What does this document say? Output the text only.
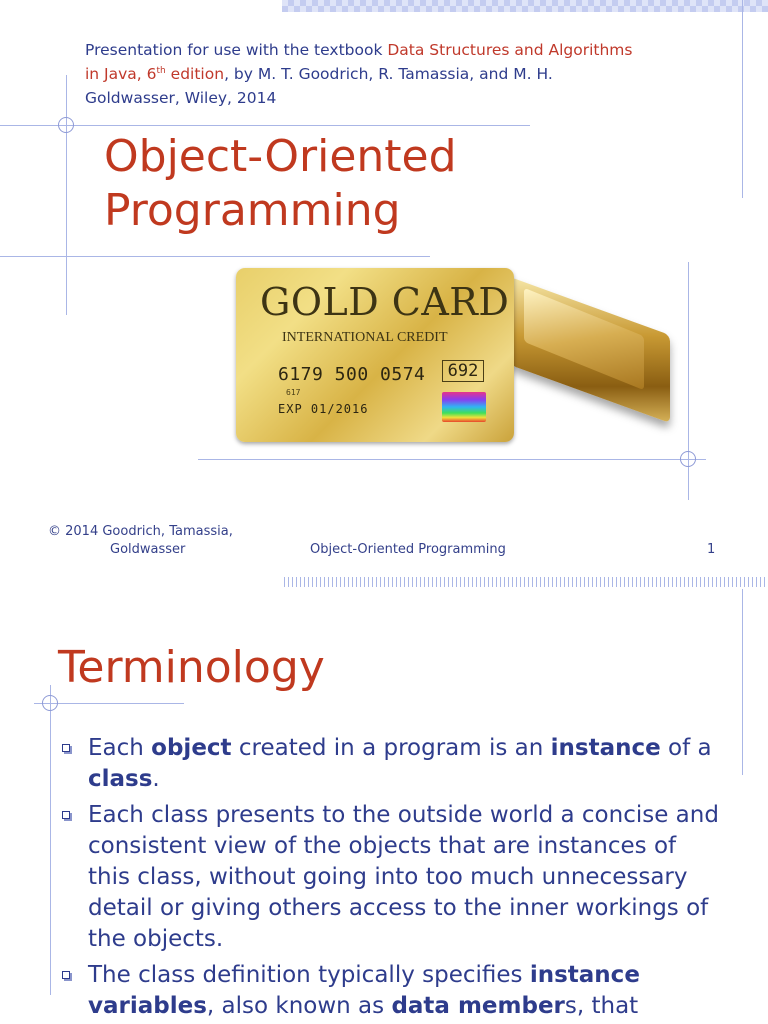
Presentation for use with the textbook Data Structures and Algorithms in Java, 6th edition, by M. T. Goodrich, R. Tamassia, and M. H. Goldwasser, Wiley, 2014
Object-Oriented
Programming
GOLD CARD
INTERNATIONAL CREDIT
6179 500 0574	692
617
EXP 01/2016
© 2014 Goodrich, Tamassia,
Goldwasser	Object-Oriented Programming	1
Terminology
Each object created in a program is an instance of a class.
Each class presents to the outside world a concise and consistent view of the objects that are instances of this class, without going into too much unnecessary detail or giving others access to the inner workings of the objects.
The class definition typically specifies instance variables, also known as data members, that
